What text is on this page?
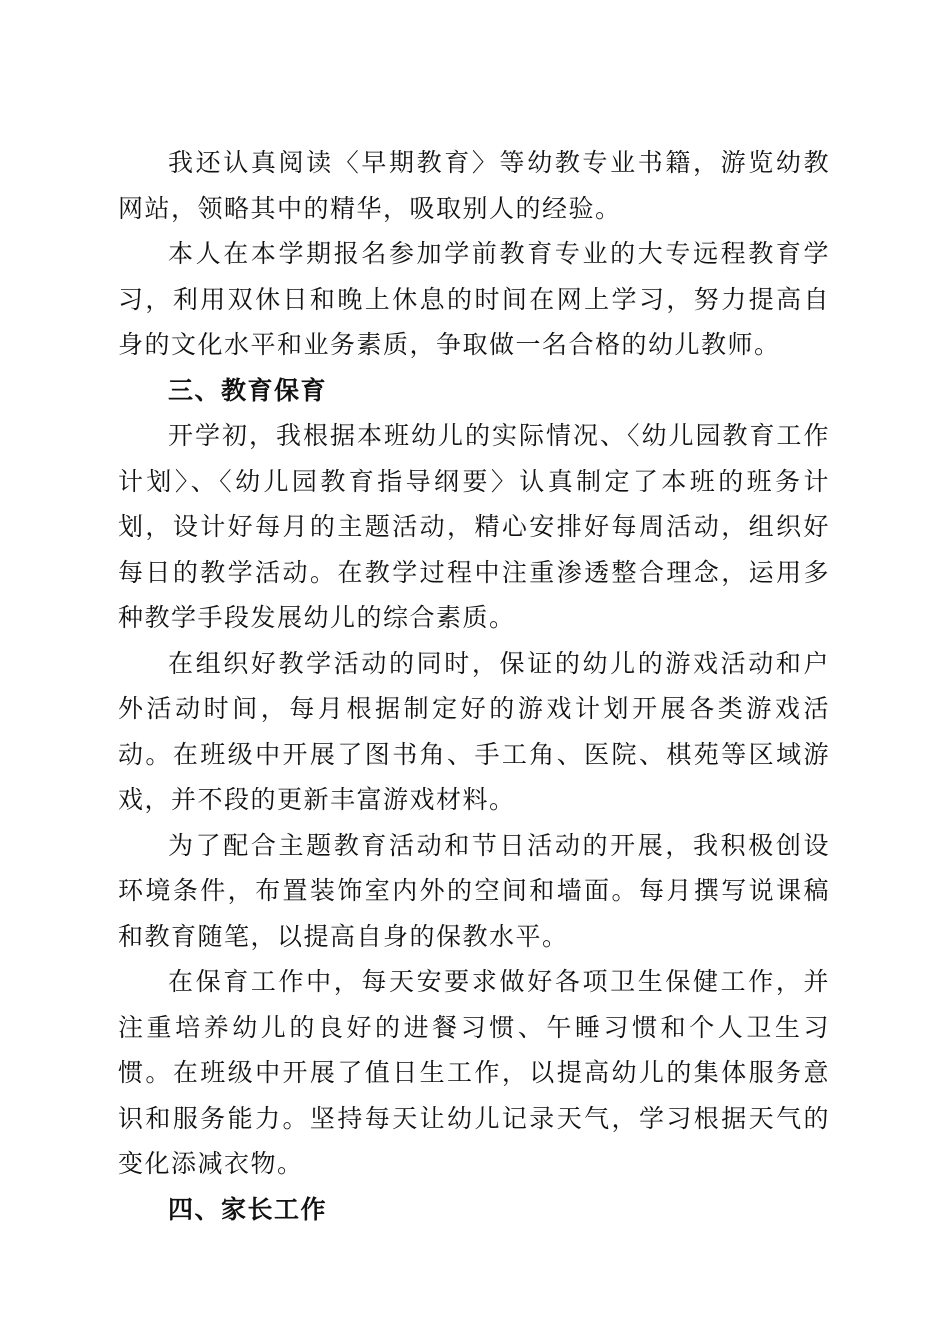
我还认真阅读〈早期教育〉等幼教专业书籍，游览幼教网站，领略其中的精华，吸取别人的经验。

本人在本学期报名参加学前教育专业的大专远程教育学习，利用双休日和晚上休息的时间在网上学习，努力提高自身的文化水平和业务素质，争取做一名合格的幼儿教师。

三、教育保育

开学初，我根据本班幼儿的实际情况、〈幼儿园教育工作计划〉、〈幼儿园教育指导纲要〉认真制定了本班的班务计划，设计好每月的主题活动，精心安排好每周活动，组织好每日的教学活动。在教学过程中注重渗透整合理念，运用多种教学手段发展幼儿的综合素质。

在组织好教学活动的同时，保证的幼儿的游戏活动和户外活动时间，每月根据制定好的游戏计划开展各类游戏活动。在班级中开展了图书角、手工角、医院、棋苑等区域游戏，并不段的更新丰富游戏材料。

为了配合主题教育活动和节日活动的开展，我积极创设环境条件，布置装饰室内外的空间和墙面。每月撰写说课稿和教育随笔，以提高自身的保教水平。

在保育工作中，每天安要求做好各项卫生保健工作，并注重培养幼儿的良好的进餐习惯、午睡习惯和个人卫生习惯。在班级中开展了值日生工作，以提高幼儿的集体服务意识和服务能力。坚持每天让幼儿记录天气，学习根据天气的变化添减衣物。

四、家长工作
